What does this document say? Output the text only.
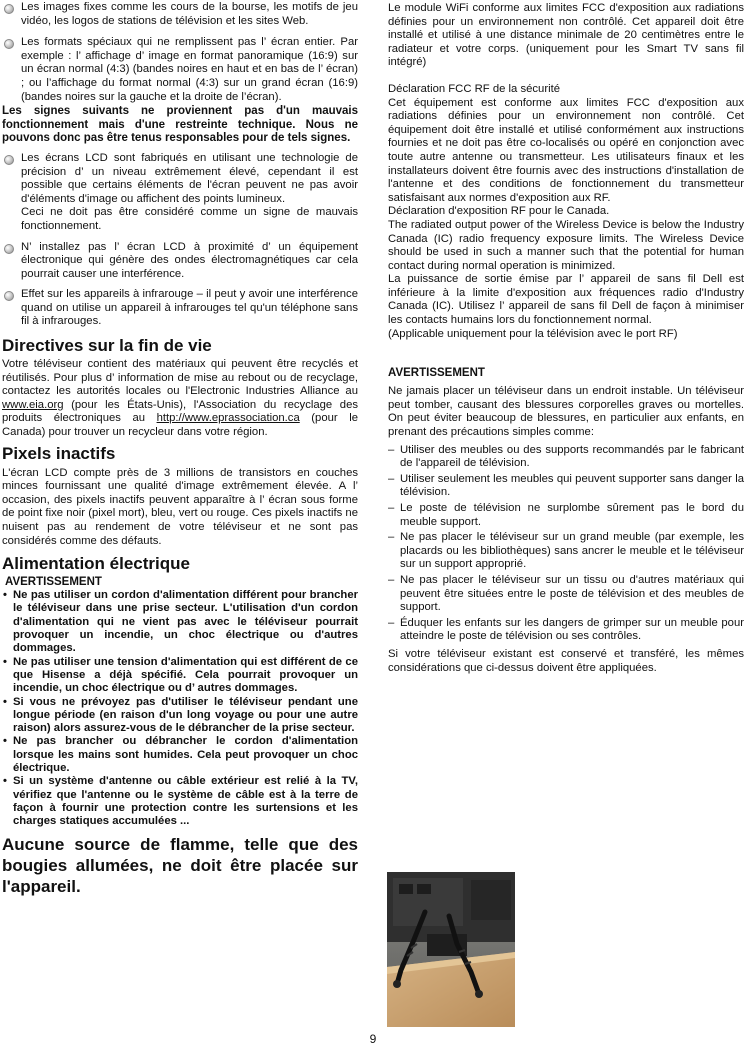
Les images fixes comme les cours de la bourse, les motifs de jeu vidéo, les logos de stations de télévision et les sites Web.
Les formats spéciaux qui ne remplissent pas l’ écran entier. Par exemple : l’ affichage d’ image en format panoramique (16:9) sur un écran normal (4:3) (bandes noires en haut et en bas de l’ écran) ; ou l’affichage du format normal (4:3) sur un grand écran (16:9) (bandes noires sur la gauche et la droite de l’écran).

Les signes suivants ne proviennent pas d'un mauvais fonctionnement mais d'une restreinte technique. Nous ne pouvons donc pas être tenus responsables pour de tels signes.

Les écrans LCD sont fabriqués en utilisant une technologie de précision d’ un niveau extrêmement élevé, cependant il est possible que certains éléments de l'écran peuvent ne pas avoir d'éléments d'image ou affichent des points lumineux.
Ceci ne doit pas être considéré comme un signe de mauvais fonctionnement.
N’ installez pas l’ écran LCD à proximité d’ un équipement électronique qui génère des ondes électromagnétiques car cela pourrait causer une interférence.
Effet sur les appareils à infrarouge – il peut y avoir une interférence quand on utilise un appareil à infrarouges tel qu'un téléphone sans fil à infrarouges.
Directives sur la fin de vie

Votre téléviseur contient des matériaux qui peuvent être recyclés et réutilisés. Pour plus d’ information de mise au rebout ou de recyclage, contactez les autorités locales ou l'Electronic Industries Alliance au www.eia.org (pour les États-Unis), l'Association du recyclage des produits électroniques au http://www.eprassociation.ca (pour le Canada) pour trouver un recycleur dans votre région.

Pixels inactifs

L'écran LCD compte près de 3 millions de transistors en couches minces fournissant une qualité d'image extrêmement élevée. A l’ occasion, des pixels inactifs peuvent apparaître à l’ écran sous forme de point fixe noir (pixel mort), bleu, vert ou rouge. Ces pixels inactifs ne nuisent pas au rendement de votre téléviseur et ne sont pas considérés comme des défauts.

Alimentation électrique
AVERTISSEMENT
• Ne pas utiliser un cordon d'alimentation différent pour brancher le téléviseur dans une prise secteur. L'utilisation d'un cordon d'alimentation qui ne vient pas avec le téléviseur pourrait provoquer un incendie, un choc électrique ou d'autres dommages.
• Ne pas utiliser une tension d'alimentation qui est différent de ce que Hisense a déjà spécifié. Cela pourrait provoquer un incendie, un choc électrique ou d’ autres dommages.
• Si vous ne prévoyez pas d'utiliser le téléviseur pendant une longue période (en raison d'un long voyage ou pour une autre raison) alors assurez-vous de le débrancher de la prise secteur.
• Ne pas brancher ou débrancher le cordon d'alimentation lorsque les mains sont humides. Cela peut provoquer un choc électrique.
• Si un système d'antenne ou câble extérieur est relié à la TV, vérifiez que l'antenne ou le système de câble est à la terre de façon à fournir une protection contre les surtensions et les charges statiques accumulées ...

Aucune source de flamme, telle que des bougies allumées, ne doit être placée sur l'appareil.

Le module WiFi conforme aux limites FCC d'exposition aux radiations définies pour un environnement non contrôlé. Cet appareil doit être installé et utilisé à une distance minimale de 20 centimètres entre le radiateur et votre corps. (uniquement pour les Smart TV sans fil intégré)

Déclaration FCC RF de la sécurité

Cet équipement est conforme aux limites FCC d'exposition aux radiations définies pour un environnement non contrôlé. Cet équipement doit être installé et utilisé conformément aux instructions fournies et ne doit pas être co-localisés ou opéré en conjonction avec toute autre antenne ou transmetteur. Les utilisateurs finaux et les installateurs doivent être fournis avec des instructions d'installation de l'antenne et des conditions de fonctionnement du transmetteur satisfaisant aux normes d'exposition aux RF.

Déclaration d'exposition RF pour le Canada.

The radiated output power of the Wireless Device is below the Industry Canada (IC) radio frequency exposure limits. The Wireless Device should be used in such a manner such that the potential for human contact during normal operation is minimized.

La puissance de sortie émise par l’ appareil de sans fil Dell est inférieure à la limite d'exposition aux fréquences radio d'Industry Canada (IC). Utilisez l’ appareil de sans fil Dell de façon à minimiser les contacts humains lors du fonctionnement normal.

(Applicable uniquement pour la télévision avec le port RF)

AVERTISSEMENT

Ne jamais placer un téléviseur dans un endroit instable. Un téléviseur peut tomber, causant des blessures corporelles graves ou mortelles. On peut éviter beaucoup de blessures, en particulier aux enfants, en prenant des précautions simples comme:

– Utiliser des meubles ou des supports recommandés par le fabricant de l'appareil de télévision.
– Utiliser seulement les meubles qui peuvent supporter sans danger la télévision.
– Le poste de télévision ne surplombe sûrement pas le bord du meuble support.
– Ne pas placer le téléviseur sur un grand meuble (par exemple, les placards ou les bibliothèques) sans ancrer le meuble et le téléviseur sur un support approprié.
– Ne pas placer le téléviseur sur un tissu ou d'autres matériaux qui peuvent être situées entre le poste de télévision et des meubles de support.
– Éduquer les enfants sur les dangers de grimper sur un meuble pour atteindre le poste de télévision ou ses contrôles.

Si votre téléviseur existant est conservé et transféré, les mêmes considérations que ci-dessus doivent être appliquées.

9
